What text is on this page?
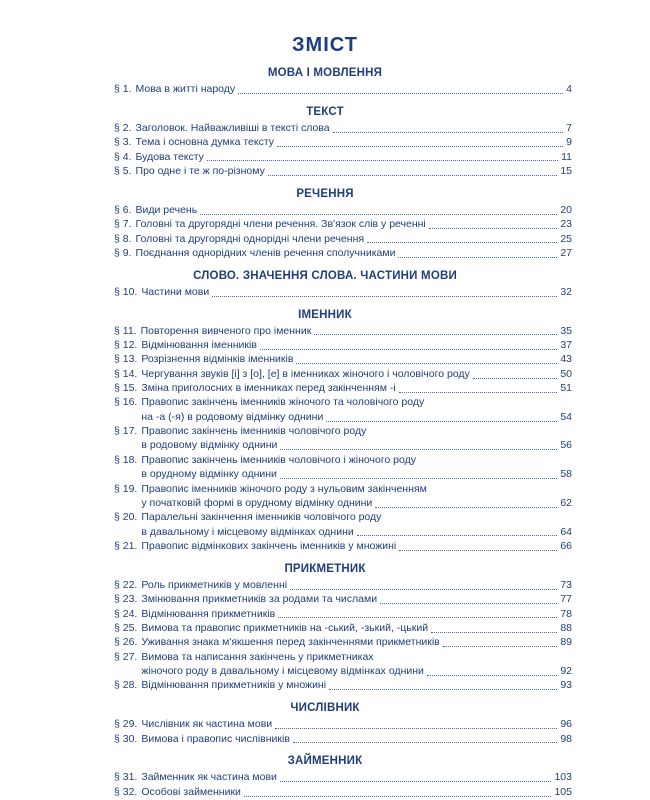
ЗМІСТ
МОВА І МОВЛЕННЯ
§ 1. Мова в житті народу	4
ТЕКСТ
§ 2. Заголовок. Найважливіші в тексті слова	7
§ 3. Тема і основна думка тексту	9
§ 4. Будова тексту	11
§ 5. Про одне і те ж по-різному	15
РЕЧЕННЯ
§ 6. Види речень	20
§ 7. Головні та другорядні члени речення. Зв'язок слів у реченні	23
§ 8. Головні та другорядні однорідні члени речення	25
§ 9. Поєднання однорідних членів речення сполучниками	27
СЛОВО. ЗНАЧЕННЯ СЛОВА. ЧАСТИНИ МОВИ
§ 10. Частини мови	32
ІМЕННИК
§ 11. Повторення вивченого про іменник	35
§ 12. Відмінювання іменників	37
§ 13. Розрізнення відмінків іменників	43
§ 14. Чергування звуків [і] з [о], [е] в іменниках жіночого і чоловічого роду	50
§ 15. Зміна приголосних в іменниках перед закінченням -і	51
§ 16. Правопис закінчень іменників жіночого та чоловічого роду
на -а (-я) в родовому відмінку однини	54
§ 17. Правопис закінчень іменників чоловічого роду
в родовому відмінку однини	56
§ 18. Правопис закінчень іменників чоловічого і жіночого роду
в орудному відмінку однини	58
§ 19. Правопис іменників жіночого роду з нульовим закінченням
у початковій формі в орудному відмінку однини	62
§ 20. Паралельні закінчення іменників чоловічого роду
в давальному і місцевому відмінках однини	64
§ 21. Правопис відмінкових закінчень іменників у множині	66
ПРИКМЕТНИК
§ 22. Роль прикметників у мовленні	73
§ 23. Змінювання прикметників за родами та числами	77
§ 24. Відмінювання прикметників	78
§ 25. Вимова та правопис прикметників на -ський, -зький, -цький	88
§ 26. Уживання знака м'якшення перед закінченнями прикметників	89
§ 27. Вимова та написання закінчень у прикметниках
жіночого роду в давальному і місцевому відмінках однини	92
§ 28. Відмінювання прикметників у множині	93
ЧИСЛІВНИК
§ 29. Числівник як частина мови	96
§ 30. Вимова і правопис числівників	98
ЗАЙМЕННИК
§ 31. Займенник як частина мови	103
§ 32. Особові займенники	105
